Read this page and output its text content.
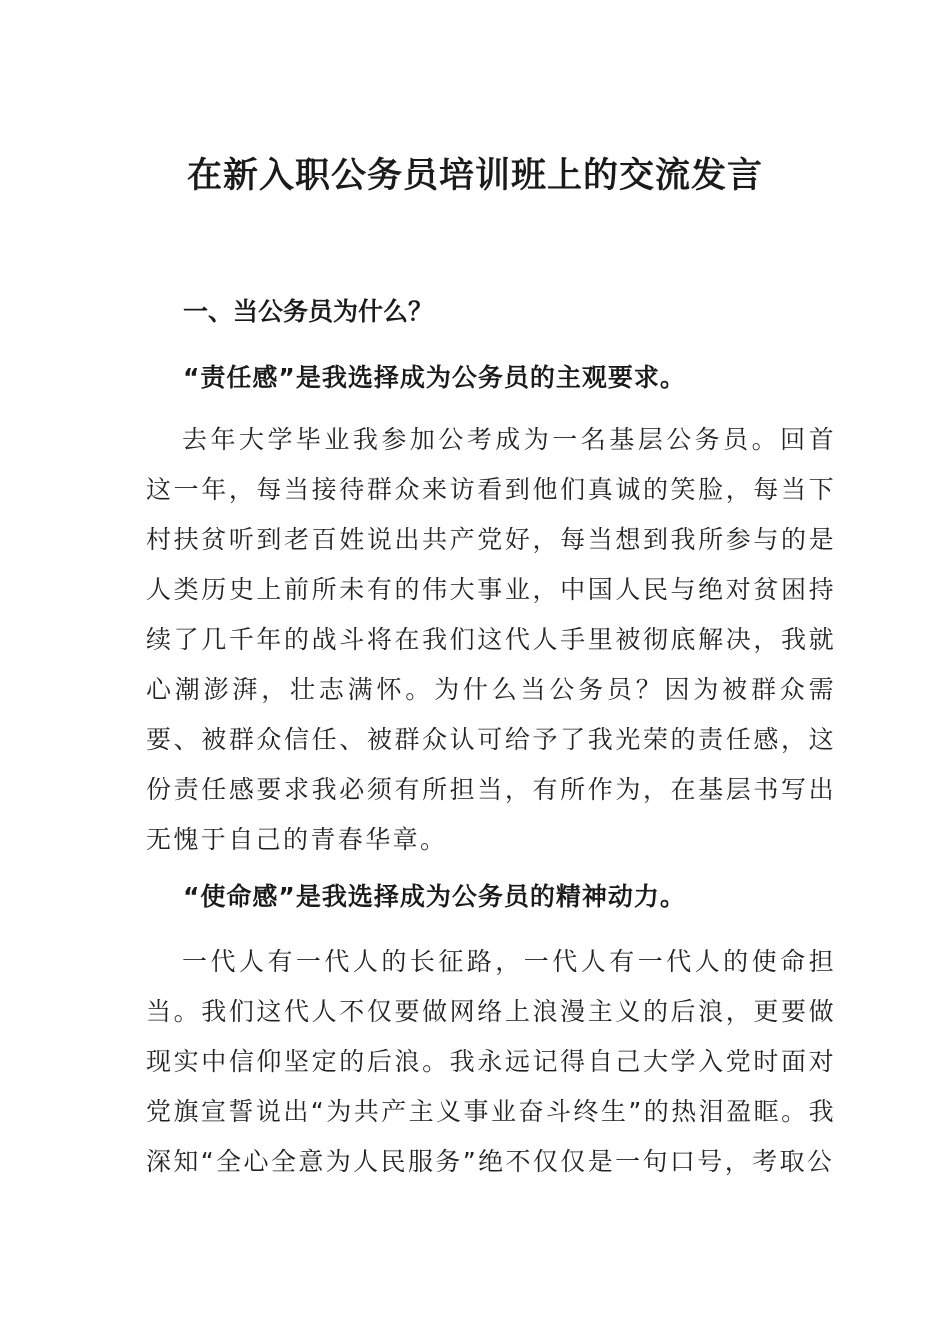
在新入职公务员培训班上的交流发言
一、当公务员为什么？
“责任感”是我选择成为公务员的主观要求。
去年大学毕业我参加公考成为一名基层公务员。回首这一年，每当接待群众来访看到他们真诚的笑脸，每当下村扶贫听到老百姓说出共产党好，每当想到我所参与的是人类历史上前所未有的伟大事业，中国人民与绝对贫困持续了几千年的战斗将在我们这代人手里被彻底解决，我就心潮澎湃，壮志满怀。为什么当公务员？因为被群众需要、被群众信任、被群众认可给予了我光荣的责任感，这份责任感要求我必须有所担当，有所作为，在基层书写出无愧于自己的青春华章。
“使命感”是我选择成为公务员的精神动力。
一代人有一代人的长征路，一代人有一代人的使命担当。我们这代人不仅要做网络上浪漫主义的后浪，更要做现实中信仰坚定的后浪。我永远记得自己大学入党时面对党旗宣誓说出“为共产主义事业奋斗终生”的热泪盈眶。我深知“全心全意为人民服务”绝不仅仅是一句口号，考取公
